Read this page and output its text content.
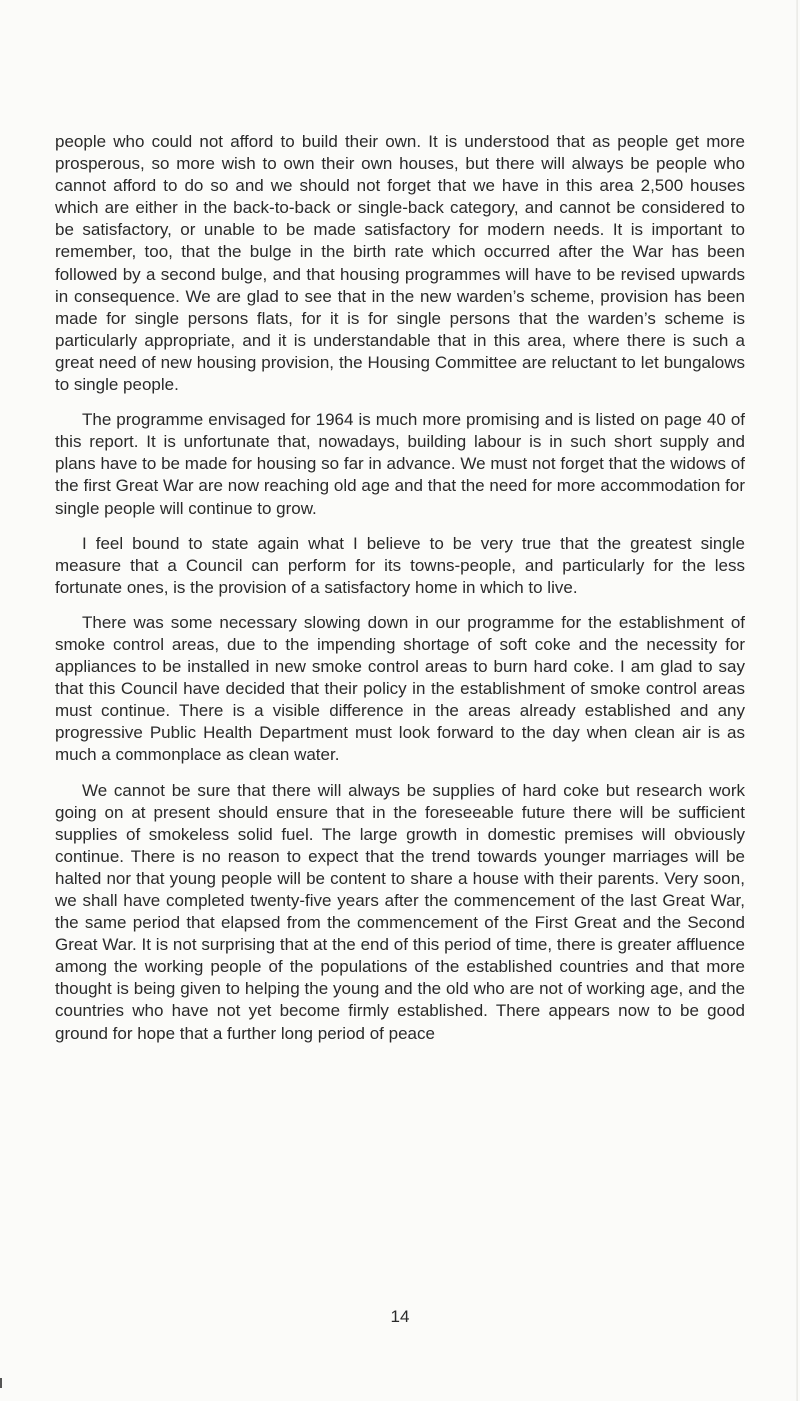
people who could not afford to build their own. It is understood that as people get more prosperous, so more wish to own their own houses, but there will always be people who cannot afford to do so and we should not forget that we have in this area 2,500 houses which are either in the back-to-back or single-back category, and cannot be considered to be satisfactory, or unable to be made satisfactory for modern needs. It is important to remember, too, that the bulge in the birth rate which occurred after the War has been followed by a second bulge, and that housing programmes will have to be revised upwards in consequence. We are glad to see that in the new warden’s scheme, provision has been made for single persons flats, for it is for single persons that the warden’s scheme is particularly appropriate, and it is understandable that in this area, where there is such a great need of new housing provision, the Housing Committee are reluctant to let bungalows to single people.

The programme envisaged for 1964 is much more promising and is listed on page 40 of this report. It is unfortunate that, nowadays, building labour is in such short supply and plans have to be made for housing so far in advance. We must not forget that the widows of the first Great War are now reaching old age and that the need for more accommodation for single people will continue to grow.

I feel bound to state again what I believe to be very true that the greatest single measure that a Council can perform for its towns-people, and particularly for the less fortunate ones, is the provision of a satisfactory home in which to live.

There was some necessary slowing down in our programme for the establishment of smoke control areas, due to the impending shortage of soft coke and the necessity for appliances to be installed in new smoke control areas to burn hard coke. I am glad to say that this Council have decided that their policy in the establishment of smoke control areas must continue. There is a visible difference in the areas already established and any progressive Public Health Department must look forward to the day when clean air is as much a commonplace as clean water.

We cannot be sure that there will always be supplies of hard coke but research work going on at present should ensure that in the foreseeable future there will be sufficient supplies of smokeless solid fuel. The large growth in domestic premises will obviously continue. There is no reason to expect that the trend towards younger marriages will be halted nor that young people will be content to share a house with their parents. Very soon, we shall have completed twenty-five years after the commencement of the last Great War, the same period that elapsed from the commencement of the First Great and the Second Great War. It is not surprising that at the end of this period of time, there is greater affluence among the working people of the populations of the established countries and that more thought is being given to helping the young and the old who are not of working age, and the countries who have not yet become firmly established. There appears now to be good ground for hope that a further long period of peace

14
